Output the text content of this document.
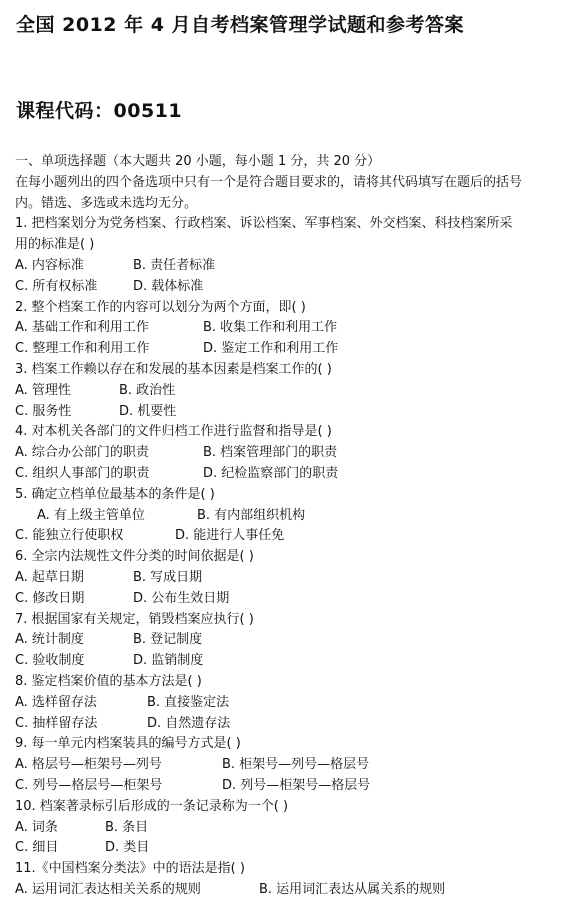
全国 2012 年 4 月自考档案管理学试题和参考答案
课程代码：00511
一、单项选择题（本大题共 20 小题，每小题 1 分，共 20 分）
在每小题列出的四个备选项中只有一个是符合题目要求的，请将其代码填写在题后的括号
内。错选、多选或未选均无分。
1. 把档案划分为党务档案、行政档案、诉讼档案、军事档案、外交档案、科技档案所采
用的标准是( )
A. 内容标准	B. 责任者标准
C. 所有权标准	D. 载体标准
2. 整个档案工作的内容可以划分为两个方面，即( )
A. 基础工作和利用工作	B. 收集工作和利用工作
C. 整理工作和利用工作	D. 鉴定工作和利用工作
3. 档案工作赖以存在和发展的基本因素是档案工作的( )
A. 管理性	B. 政治性
C. 服务性	D. 机要性
4. 对本机关各部门的文件归档工作进行监督和指导是( )
A. 综合办公部门的职责	B. 档案管理部门的职责
C. 组织人事部门的职责	D. 纪检监察部门的职责
5. 确定立档单位最基本的条件是( )
A. 有上级主管单位	B. 有内部组织机构
C. 能独立行使职权	D. 能进行人事任免
6. 全宗内法规性文件分类的时间依据是( )
A. 起草日期	B. 写成日期
C. 修改日期	D. 公布生效日期
7. 根据国家有关规定，销毁档案应执行( )
A. 统计制度	B. 登记制度
C. 验收制度	D. 监销制度
8. 鉴定档案价值的基本方法是( )
A. 选样留存法	B. 直接鉴定法
C. 抽样留存法	D. 自然遗存法
9. 每一单元内档案装具的编号方式是( )
A. 格层号—柜架号—列号	B. 柜架号—列号—格层号
C. 列号—格层号—柜架号	D. 列号—柜架号—格层号
10. 档案著录标引后形成的一条记录称为一个( )
A. 词条	B. 条目
C. 细目	D. 类目
11.《中国档案分类法》中的语法是指( )
A. 运用词汇表达相关关系的规则	B. 运用词汇表达从属关系的规则
